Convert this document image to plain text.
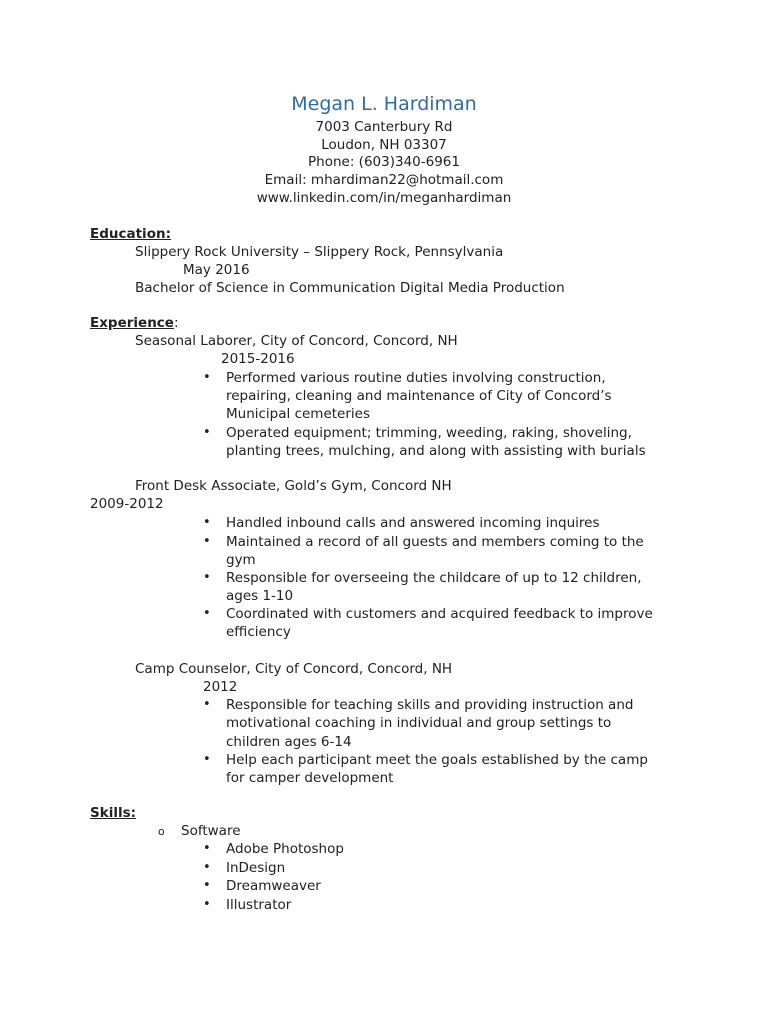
Megan L. Hardiman
7003 Canterbury Rd
Loudon, NH 03307
Phone: (603)340-6961
Email: mhardiman22@hotmail.com
www.linkedin.com/in/meganhardiman
Education:
Slippery Rock University – Slippery Rock, Pennsylvania
May 2016
Bachelor of Science in Communication Digital Media Production
Experience:
Seasonal Laborer, City of Concord, Concord, NH
2015-2016
• Performed various routine duties involving construction,
repairing, cleaning and maintenance of City of Concord’s
Municipal cemeteries
• Operated equipment; trimming, weeding, raking, shoveling,
planting trees, mulching, and along with assisting with burials
Front Desk Associate, Gold’s Gym, Concord NH
2009-2012
• Handled inbound calls and answered incoming inquires
• Maintained a record of all guests and members coming to the
gym
• Responsible for overseeing the childcare of up to 12 children,
ages 1-10
• Coordinated with customers and acquired feedback to improve
efficiency
Camp Counselor, City of Concord, Concord, NH
2012
• Responsible for teaching skills and providing instruction and
motivational coaching in individual and group settings to
children ages 6-14
• Help each participant meet the goals established by the camp
for camper development
Skills:
o Software
• Adobe Photoshop
• InDesign
• Dreamweaver
• Illustrator
